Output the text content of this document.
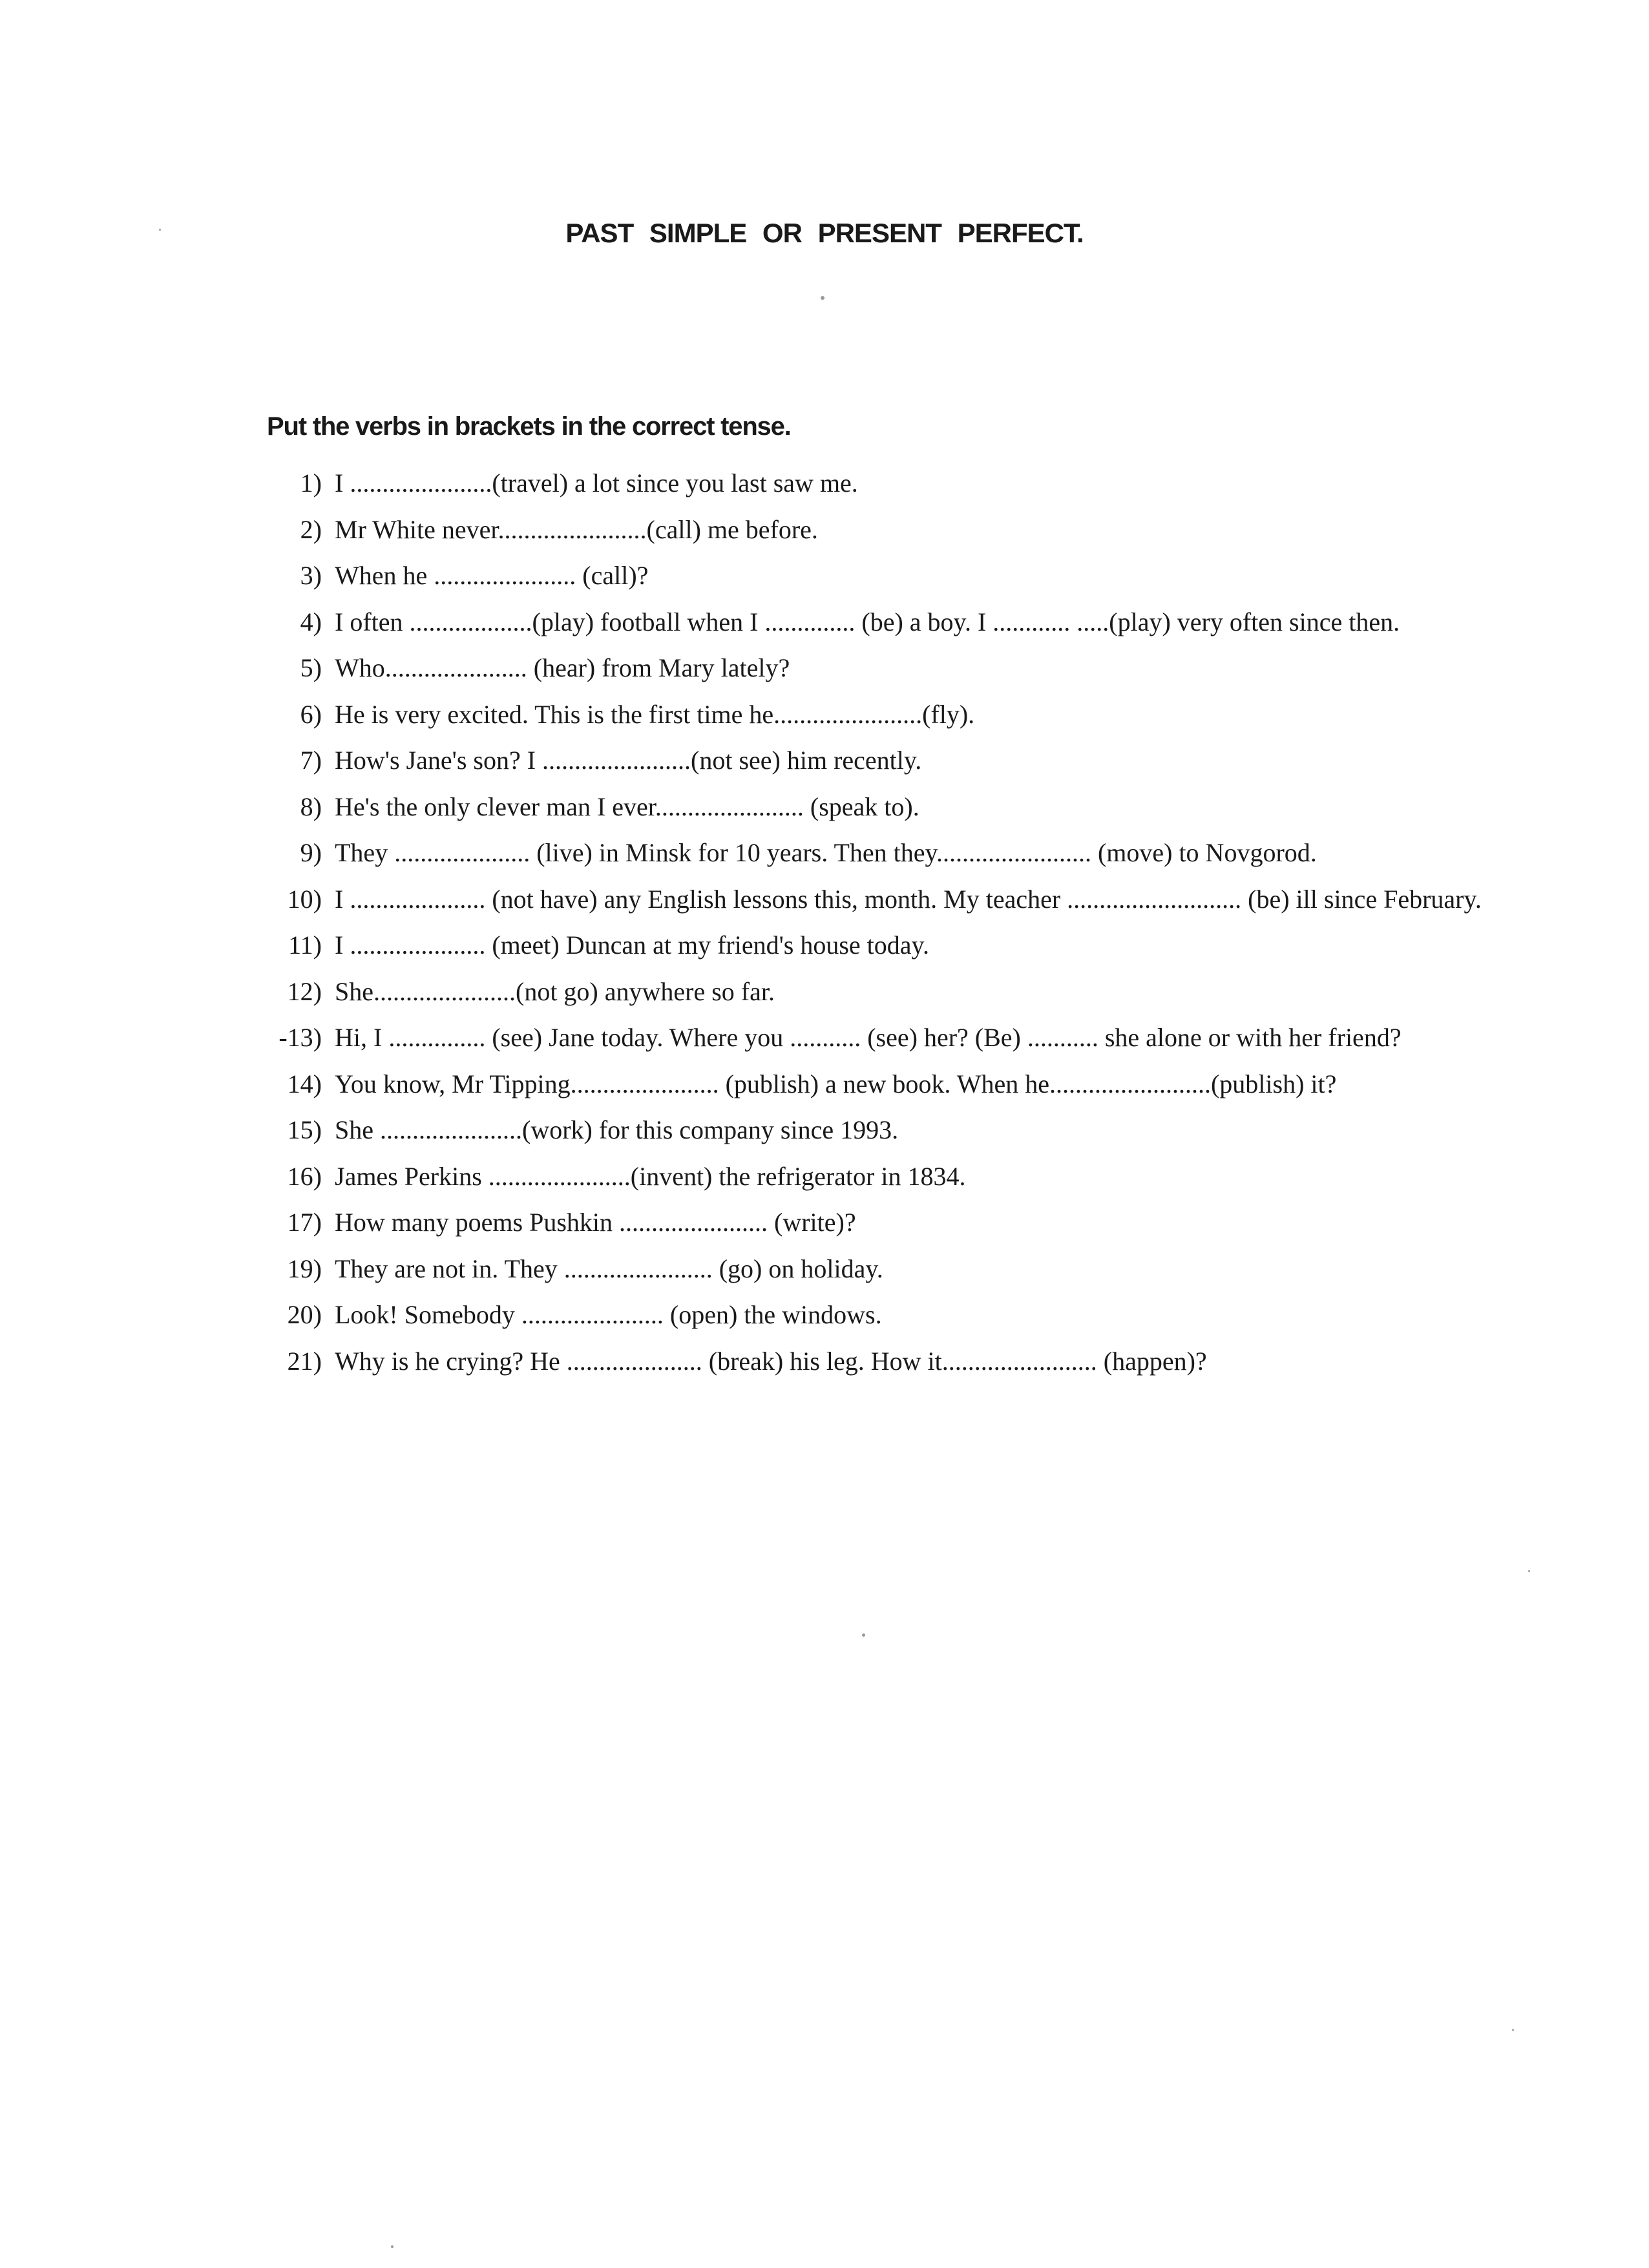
PAST SIMPLE OR PRESENT PERFECT.

Put the verbs in brackets in the correct tense.

1) I ......................(travel) a lot since you last saw me.
2) Mr White never.......................(call) me before.
3) When he ...................... (call)?
4) I often ...................(play) football when I .............. (be) a boy. I ............ .....(play) very often since then.
5) Who...................... (hear) from Mary lately?
6) He is very excited. This is the first time he.......................(fly).
7) How's Jane's son? I .......................(not see) him recently.
8) He's the only clever man I ever....................... (speak to).
9) They ..................... (live) in Minsk for 10 years. Then they........................ (move) to Novgorod.
10) I ..................... (not have) any English lessons this, month. My teacher ........................... (be) ill since February.
11) I ..................... (meet) Duncan at my friend's house today.
12) She......................(not go) anywhere so far.
-13) Hi, I ............... (see) Jane today. Where you ........... (see) her? (Be) ........... she alone or with her friend?
14) You know, Mr Tipping....................... (publish) a new book. When he.........................(publish) it?
15) She ......................(work) for this company since 1993.
16) James Perkins ......................(invent) the refrigerator in 1834.
17) How many poems Pushkin ....................... (write)?
19) They are not in. They ....................... (go) on holiday.
20) Look! Somebody ...................... (open) the windows.
21) Why is he crying? He ..................... (break) his leg. How it........................ (happen)?
